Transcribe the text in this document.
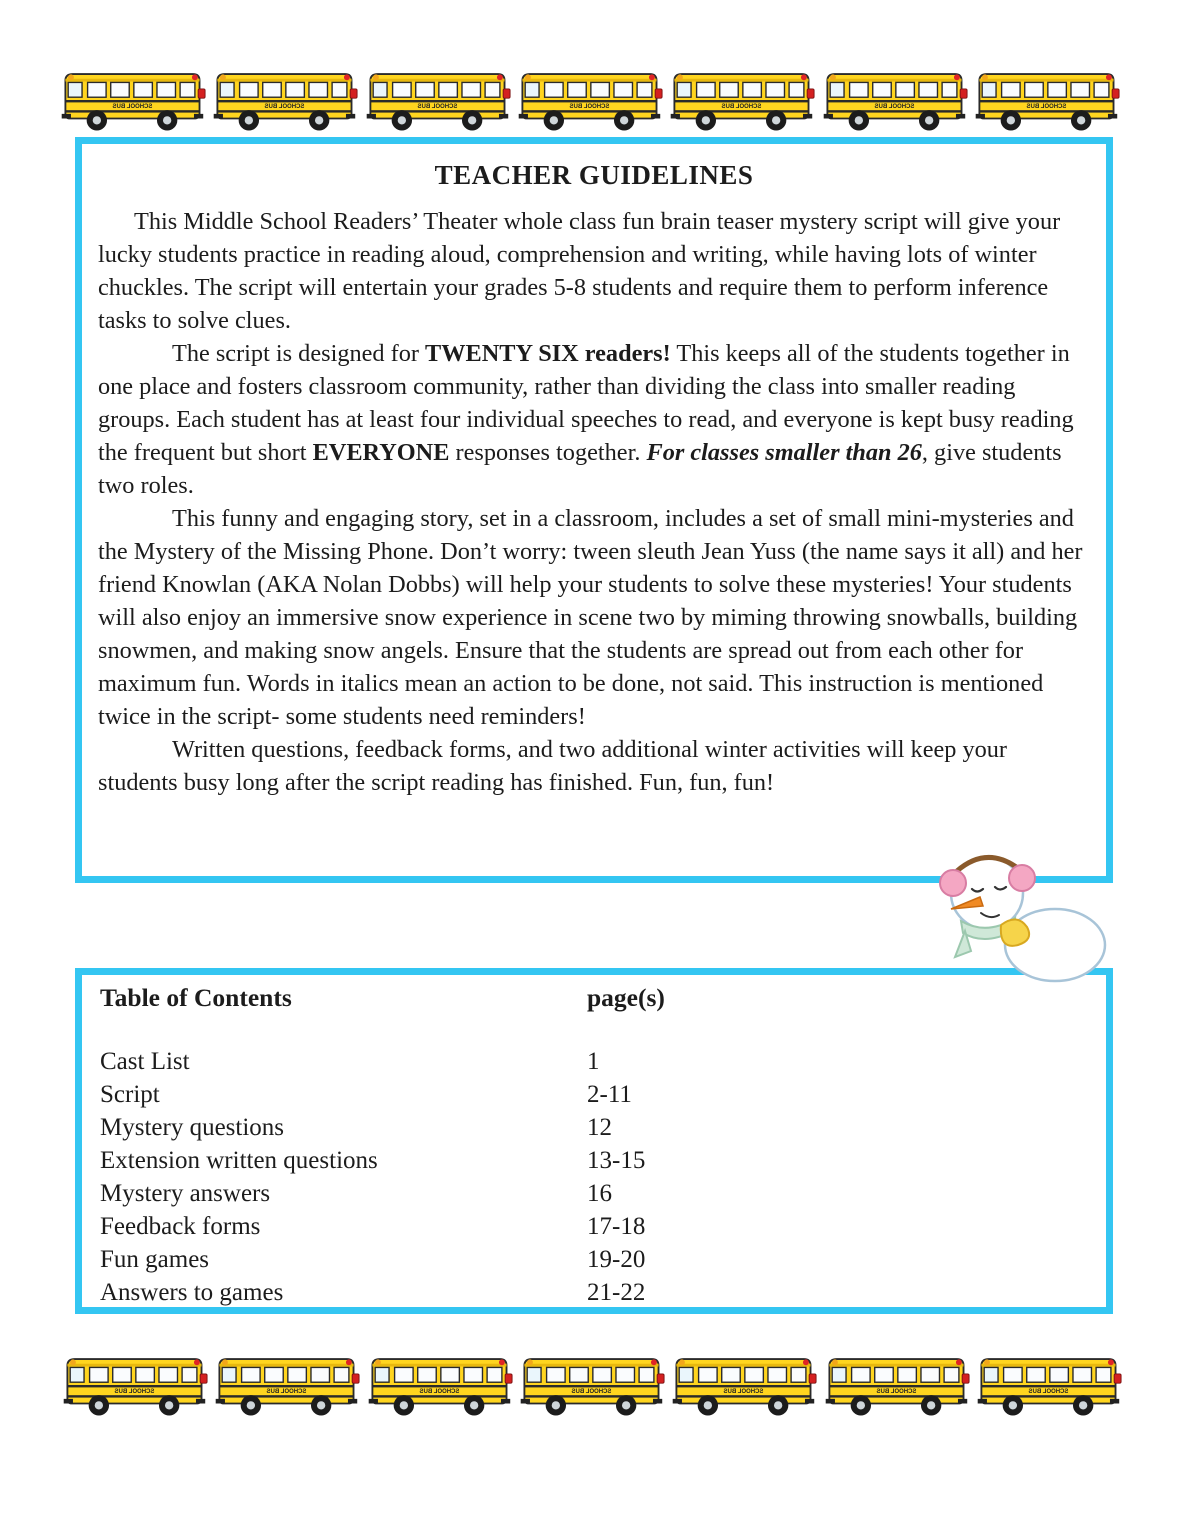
TEACHER GUIDELINES

This Middle School Readers’ Theater whole class fun brain teaser mystery script will give your lucky students practice in reading aloud, comprehension and writing, while having lots of winter chuckles. The script will entertain your grades 5-8 students and require them to perform inference tasks to solve clues.

The script is designed for TWENTY SIX readers! This keeps all of the students together in one place and fosters classroom community, rather than dividing the class into smaller reading groups. Each student has at least four individual speeches to read, and everyone is kept busy reading the frequent but short EVERYONE responses together. For classes smaller than 26, give students two roles.

This funny and engaging story, set in a classroom, includes a set of small mini-mysteries and the Mystery of the Missing Phone. Don’t worry: tween sleuth Jean Yuss (the name says it all) and her friend Knowlan (AKA Nolan Dobbs) will help your students to solve these mysteries! Your students will also enjoy an immersive snow experience in scene two by miming throwing snowballs, building snowmen, and making snow angels. Ensure that the students are spread out from each other for maximum fun. Words in italics mean an action to be done, not said. This instruction is mentioned twice in the script- some students need reminders!

Written questions, feedback forms, and two additional winter activities will keep your students busy long after the script reading has finished. Fun, fun, fun!

Table of Contents	page(s)
Cast List	1
Script	2-11
Mystery questions	12
Extension written questions	13-15
Mystery answers	16
Feedback forms	17-18
Fun games	19-20
Answers to games	21-22
